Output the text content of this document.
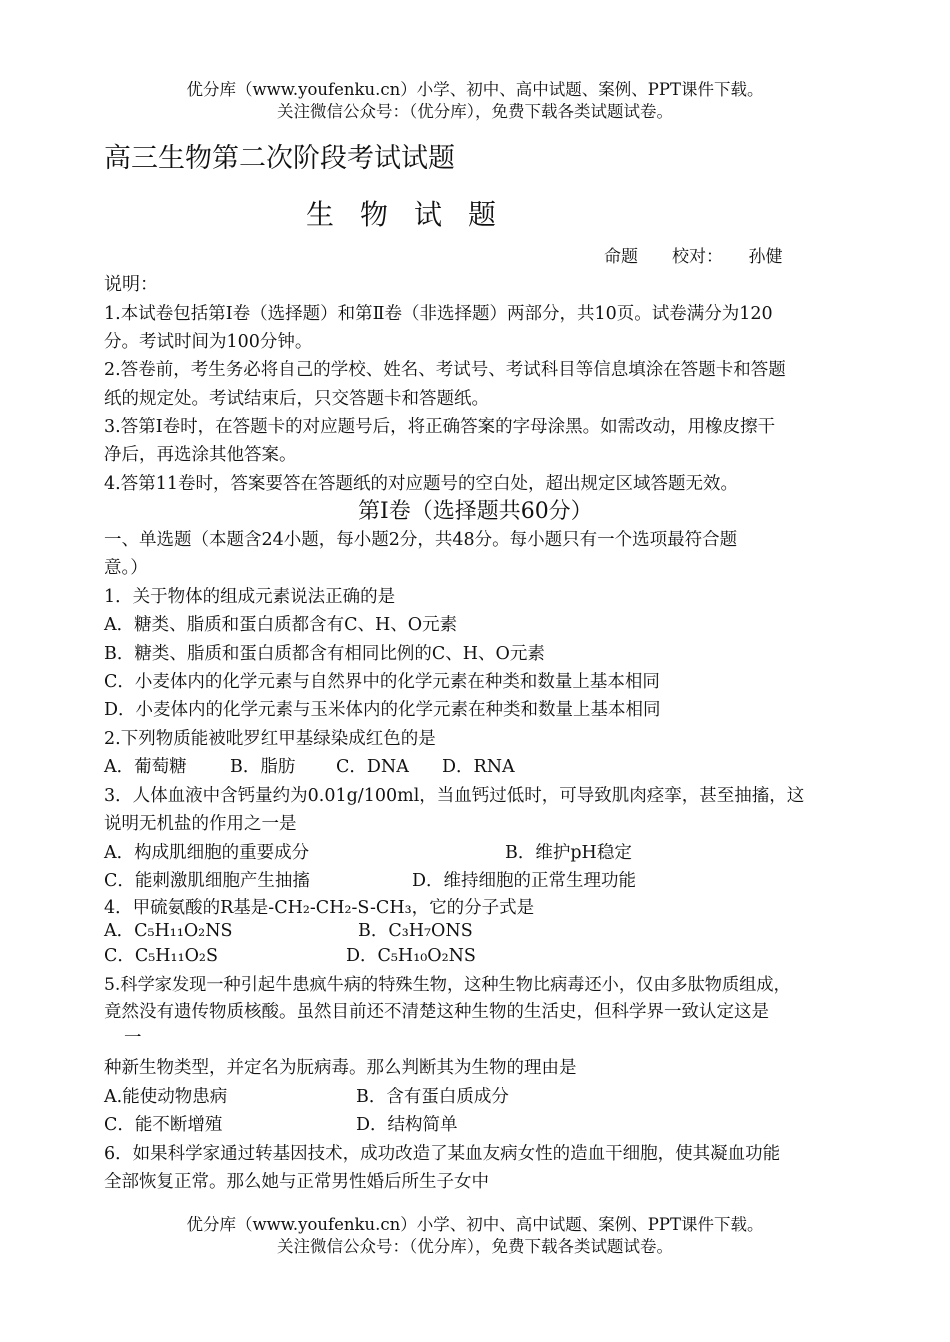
优分库（www.youfenku.cn）小学、初中、高中试题、案例、PPT课件下载。
关注微信公众号：（优分库），免费下载各类试题试卷。
高三生物第二次阶段考试试题
生物试题
命题　　校对：　　孙健
说明：
1.本试卷包括第Ⅰ卷（选择题）和第Ⅱ卷（非选择题）两部分，共10页。试卷满分为120
分。考试时间为100分钟。
2.答卷前，考生务必将自己的学校、姓名、考试号、考试科目等信息填涂在答题卡和答题
纸的规定处。考试结束后，只交答题卡和答题纸。
3.答第I卷时，在答题卡的对应题号后，将正确答案的字母涂黑。如需改动，用橡皮擦干
净后，再选涂其他答案。
4.答第11卷时，答案要答在答题纸的对应题号的空白处，超出规定区域答题无效。
第I卷（选择题共60分）
一、单选题（本题含24小题，每小题2分，共48分。每小题只有一个选项最符合题
意。）
1．关于物体的组成元素说法正确的是
A．糖类、脂质和蛋白质都含有C、H、O元素
B．糖类、脂质和蛋白质都含有相同比例的C、H、O元素
C．小麦体内的化学元素与自然界中的化学元素在种类和数量上基本相同
D．小麦体内的化学元素与玉米体内的化学元素在种类和数量上基本相同
2.下列物质能被吡罗红甲基绿染成红色的是
A．葡萄糖 B．脂肪 C．DNA D．RNA
3．人体血液中含钙量约为0.01g/100ml，当血钙过低时，可导致肌肉痉挛，甚至抽搐，这
说明无机盐的作用之一是
A．构成肌细胞的重要成分	B．维护pH稳定
C．能刺激肌细胞产生抽搐	D．维持细胞的正常生理功能
4．甲硫氨酸的R基是-CH₂-CH₂-S-CH₃，它的分子式是
A．C₅H₁₁O₂NS	B．C₃H₇ONS
C．C₅H₁₁O₂S	D．C₅H₁₀O₂NS
5.科学家发现一种引起牛患疯牛病的特殊生物，这种生物比病毒还小，仅由多肽物质组成，
竟然没有遗传物质核酸。虽然目前还不清楚这种生物的生活史，但科学界一致认定这是
一
种新生物类型，并定名为朊病毒。那么判断其为生物的理由是
A.能使动物患病	B．含有蛋白质成分
C．能不断增殖	D．结构简单
6．如果科学家通过转基因技术，成功改造了某血友病女性的造血干细胞，使其凝血功能
全部恢复正常。那么她与正常男性婚后所生子女中
优分库（www.youfenku.cn）小学、初中、高中试题、案例、PPT课件下载。
关注微信公众号：（优分库），免费下载各类试题试卷。
